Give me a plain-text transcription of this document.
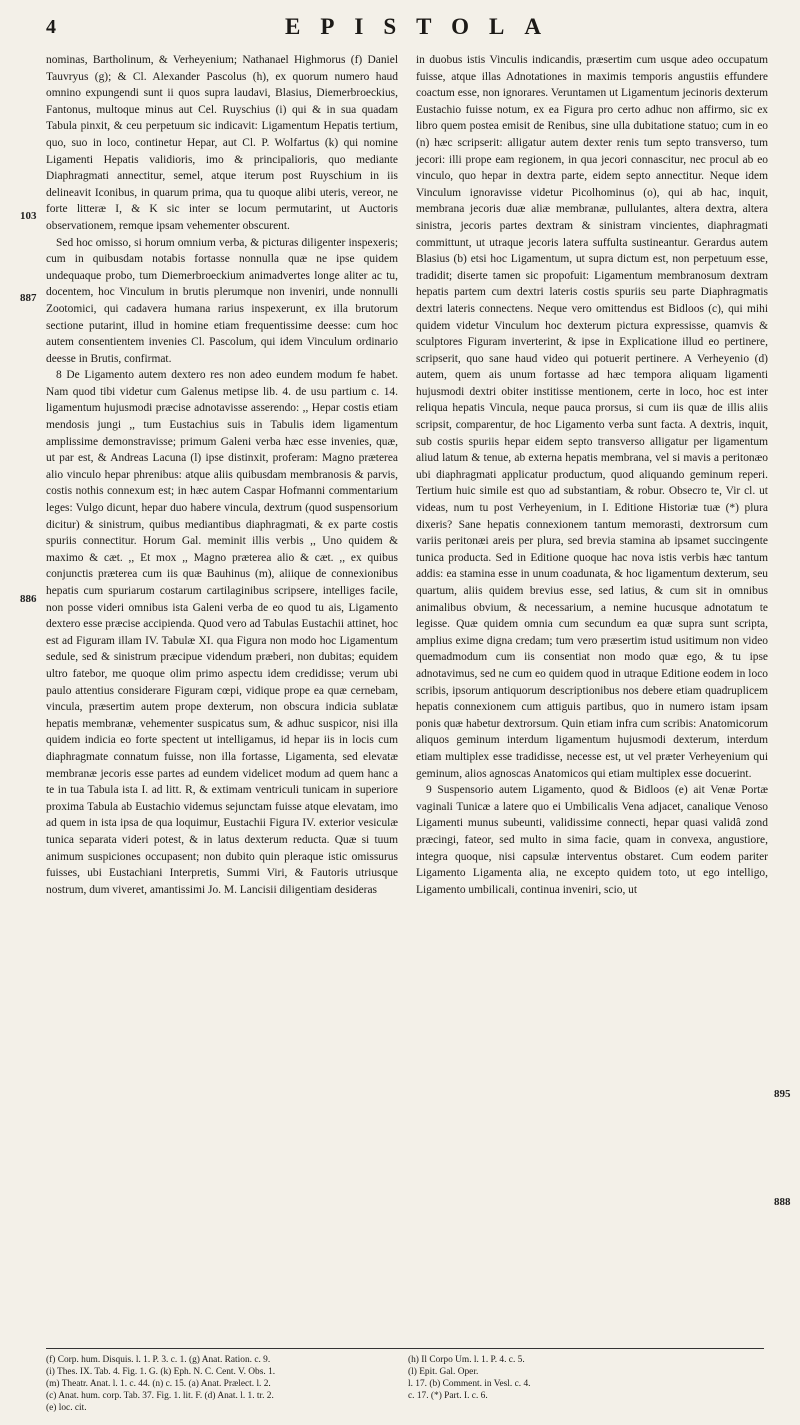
4	EPISTOLA
103
887
886
895
888

nominas, Bartholinum, & Verheyenium; Nathanael Highmorus (f) Daniel Tauvryus (g); & Cl. Alexander Pascolus (h), ex quorum numero haud omnino expungendi sunt ii quos supra laudavi, Blasius, Diemerbroeckius, Fantonus, multoque minus aut Cel. Ruyschius (i) qui & in sua quadam Tabula pinxit, & ceu perpetuum sic indicavit: Ligamentum Hepatis tertium, quo, suo in loco, continetur Hepar, aut Cl. P. Wolfartus (k) qui nomine Ligamenti Hepatis validioris, imo & principalioris, quo mediante Diaphragmati annectitur, semel, atque iterum post Ruyschium in iis delineavit Iconibus, in quarum prima, qua tu quoque alibi uteris, vereor, ne forte litteræ I, & K sic inter se locum permutarint, ut Auctoris observationem, remque ipsam vehementer obscurent.

Sed hoc omisso, si horum omnium verba, & picturas diligenter inspexeris; cum in quibusdam notabis fortasse nonnulla quæ ne ipse quidem undequaque probo, tum Diemerbroeckium animadvertes longe aliter ac tu, docentem, hoc Vinculum in brutis plerumque non inveniri, unde nonnulli Zootomici, qui cadavera humana rarius inspexerunt, ex illa brutorum sectione putarint, illud in homine etiam frequentissime deesse: cum hoc autem consentientem invenies Cl. Pascolum, qui idem Vinculum ordinario deesse in Brutis, confirmat.

8 De Ligamento autem dextero res non adeo eundem modum fe habet. Nam quod tibi videtur cum Galenus metipse lib. 4. de usu partium c. 14. ligamentum hujusmodi præcise adnotavisse asserendo: ,, Hepar costis etiam mendosis jungi ,, tum Eustachius suis in Tabulis idem ligamentum amplissime demonstravisse; primum Galeni verba hæc esse invenies, quæ, ut par est, & Andreas Lacuna (l) ipse distinxit, proferam: Magno præterea alio vinculo hepar phrenibus: atque aliis quibusdam membranosis & parvis, costis nothis connexum est; in hæc autem Caspar Hofmanni commentarium leges: Vulgo dicunt, hepar duo habere vincula, dextrum (quod suspensorium dicitur) & sinistrum, quibus mediantibus diaphragmati, & ex parte costis spuriis connectitur. Horum Gal. meminit illis verbis ,, Uno quidem & maximo & cæt. ,, Et mox ,, Magno præterea alio & cæt. ,, ex quibus conjunctis præterea cum iis quæ Bauhinus (m), aliique de connexionibus hepatis cum spuriarum costarum cartilaginibus scripsere, intelliges facile, non posse videri omnibus ista Galeni verba de eo quod tu ais, Ligamento dextero esse præcise accipienda. Quod vero ad Tabulas Eustachii attinet, hoc est ad Figuram illam IV. Tabulæ XI. qua Figura non modo hoc Ligamentum sedule, sed & sinistrum præcipue videndum præberi, non dubitas; equidem ultro fatebor, me quoque olim primo aspectu idem credidisse; verum ubi paulo attentius considerare Figuram cœpi, vidique prope ea quæ cernebam, vincula, præsertim autem prope dexterum, non obscura indicia sublatæ hepatis membranæ, vehementer suspicatus sum, & adhuc suspicor, nisi illa quidem indicia eo forte spectent ut intelligamus, id hepar iis in locis cum diaphragmate connatum fuisse, non illa fortasse, Ligamenta, sed elevatæ membranæ jecoris esse partes ad eundem videlicet modum ad quem hanc a te in tua Tabula ista I. ad litt. R, & extimam ventriculi tunicam in superiore proxima Tabula ab Eustachio videmus sejunctam fuisse atque elevatam, imo ad quem in ista ipsa de qua loquimur, Eustachii Figura IV. exterior vesiculæ tunica separata videri potest, & in latus dexterum reducta. Quæ si tuum animum suspiciones occupasent; non dubito quin pleraque istic omissurus fuisses, ubi Eustachiani Interpretis, Summi Viri, & Fautoris utriusque nostrum, dum viveret, amantissimi Jo. M. Lancisii diligentiam desideras

in duobus istis Vinculis indicandis, præsertim cum usque adeo occupatum fuisse, atque illas Adnotationes in maximis temporis angustiis effundere coactum esse, non ignorares. Veruntamen ut Ligamentum jecinoris dexterum Eustachio fuisse notum, ex ea Figura pro certo adhuc non affirmo, sic ex libro quem postea emisit de Renibus, sine ulla dubitatione statuo; cum in eo (n) hæc scripserit: alligatur autem dexter renis tum septo transverso, tum jecori: illi prope eam regionem, in qua jecori connascitur, nec procul ab eo vinculo, quo hepar in dextra parte, eidem septo annectitur. Neque idem Vinculum ignoravisse videtur Picolhominus (o), qui ab hac, inquit, membrana jecoris duæ aliæ membranæ, pullulantes, altera dextra, altera sinistra, jecoris partes dextram & sinistram vincientes, diaphragmati committunt, ut utraque jecoris latera suffulta sustineantur. Gerardus autem Blasius (b) etsi hoc Ligamentum, ut supra dictum est, non perpetuum esse, tradidit; diserte tamen sic propofuit: Ligamentum membranosum dextram hepatis partem cum dextri lateris costis spuriis seu parte Diaphragmatis dextri lateris connectens. Neque vero omittendus est Bidloos (c), qui mihi quidem videtur Vinculum hoc dexterum pictura expressisse, quamvis & sculptores Figuram inverterint, & ipse in Explicatione illud eo pertinere, scripserit, quo sane haud video qui potuerit pertinere. A Verheyenio (d) autem, quem ais unum fortasse ad hæc tempora aliquam ligamenti hujusmodi dextri obiter institisse mentionem, certe in loco, hoc est inter reliqua hepatis Vincula, neque pauca prorsus, si cum iis quæ de illis aliis scripsit, comparentur, de hoc Ligamento verba sunt facta. A dextris, inquit, sub costis spuriis hepar eidem septo transverso alligatur per ligamentum aliud latum & tenue, ab externa hepatis membrana, vel si mavis a peritonæo ubi diaphragmati applicatur productum, quod aliquando geminum reperi. Tertium huic simile est quo ad substantiam, & robur. Obsecro te, Vir cl. ut videas, num tu post Verheyenium, in I. Editione Historiæ tuæ (*) plura dixeris? Sane hepatis connexionem tantum memorasti, dextrorsum cum variis peritonæi areis per plura, sed brevia stamina ab ipsamet succingente tunica producta. Sed in Editione quoque hac nova istis verbis hæc tantum addis: ea stamina esse in unum coadunata, & hoc ligamentum dexterum, seu quartum, aliis quidem brevius esse, sed latius, & cum sit in omnibus animalibus obvium, & necessarium, a nemine hucusque adnotatum te legisse. Quæ quidem omnia cum secundum ea quæ supra sunt scripta, amplius exime digna credam; tum vero præsertim istud usitimum non video quemadmodum cum iis consentiat non modo quæ ego, & tu ipse adnotavimus, sed ne cum eo quidem quod in utraque Editione eodem in loco scribis, ipsorum antiquorum descriptionibus nos debere etiam quadruplicem hepatis connexionem cum attiguis partibus, quo in numero istam ipsam ponis quæ habetur dextrorsum. Quin etiam infra cum scribis: Anatomicorum aliquos geminum interdum ligamentum hujusmodi dexterum, interdum etiam multiplex esse tradidisse, necesse est, ut vel præter Verheyenium qui geminum, alios agnoscas Anatomicos qui etiam multiplex esse docuerint.

9 Suspensorio autem Ligamento, quod & Bidloos (e) ait Venæ Portæ vaginali Tunicæ a latere quo ei Umbilicalis Vena adjacet, canalique Venoso Ligamenti munus subeunti, validissime connecti, hepar quasi validâ zond præcingi, fateor, sed multo in sima facie, quam in convexa, angustiore, integra quoque, nisi capsulæ interventus obstaret. Cum eodem pariter Ligamento Ligamenta alia, ne excepto quidem toto, ut ego intelligo, Ligamento umbilicali, continua inveniri, scio, ut

(f) Corp. hum. Disquis. l. 1. P. 3. c. 1. (g) Anat. Ration. c. 9.
(i) Thes. IX. Tab. 4. Fig. 1. G. (k) Eph. N. C. Cent. V. Obs. 1.
(m) Theatr. Anat. l. 1. c. 44. (n) c. 15. (a) Anat. Prælect. l. 2.
(c) Anat. hum. corp. Tab. 37. Fig. 1. lit. F. (d) Anat. l. 1. tr. 2.
(e) loc. cit.
(h) Il Corpo Um. l. 1. P. 4. c. 5.
(l) Epit. Gal. Oper.
l. 17. (b) Comment. in Vesl. c. 4.
c. 17. (*) Part. I. c. 6.
